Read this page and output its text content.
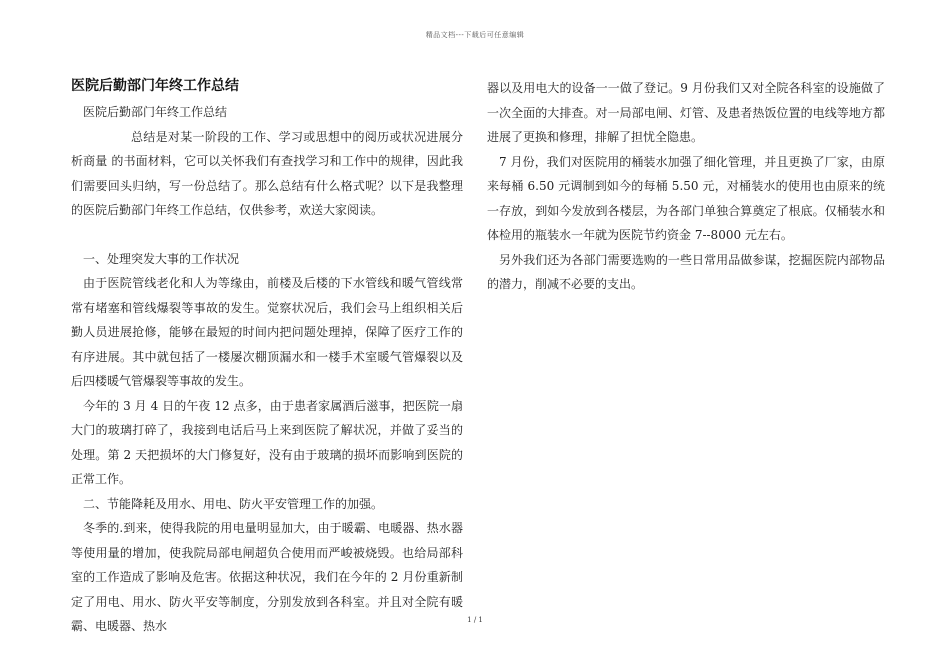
精品文档---下载后可任意编辑
医院后勤部门年终工作总结

医院后勤部门年终工作总结

总结是对某一阶段的工作、学习或思想中的阅历或状况进展分析商量 的书面材料，它可以关怀我们有查找学习和工作中的规律，因此我们需要回头归纳，写一份总结了。那么总结有什么格式呢？以下是我整理的医院后勤部门年终工作总结，仅供参考，欢送大家阅读。

一、处理突发大事的工作状况

由于医院管线老化和人为等缘由，前楼及后楼的下水管线和暖气管线常常有堵塞和管线爆裂等事故的发生。觉察状况后，我们会马上组织相关后勤人员进展抢修，能够在最短的时间内把问题处理掉，保障了医疗工作的有序进展。其中就包括了一楼屡次棚顶漏水和一楼手术室暖气管爆裂以及后四楼暖气管爆裂等事故的发生。

今年的 3 月 4 日的午夜 12 点多，由于患者家属酒后滋事，把医院一扇大门的玻璃打碎了，我接到电话后马上来到医院了解状况，并做了妥当的处理。第 2 天把损坏的大门修复好，没有由于玻璃的损坏而影响到医院的正常工作。

二、节能降耗及用水、用电、防火平安管理工作的加强。

冬季的.到来，使得我院的用电量明显加大，由于暖霸、电暖器、热水器等使用量的增加，使我院局部电闸超负合使用而严峻被烧毁。也给局部科室的工作造成了影响及危害。依据这种状况，我们在今年的 2 月份重新制定了用电、用水、防火平安等制度，分别发放到各科室。并且对全院有暖霸、电暖器、热水

器以及用电大的设备一一做了登记。9 月份我们又对全院各科室的设施做了一次全面的大排查。对一局部电闸、灯管、及患者热饭位置的电线等地方都进展了更换和修理，排解了担忧全隐患。

7 月份，我们对医院用的桶装水加强了细化管理，并且更换了厂家，由原来每桶 6.50 元调制到如今的每桶 5.50 元，对桶装水的使用也由原来的统一存放，到如今发放到各楼层，为各部门单独合算奠定了根底。仅桶装水和体检用的瓶装水一年就为医院节约资金 7--8000 元左右。

另外我们还为各部门需要选购的一些日常用品做参谋，挖掘医院内部物品的潜力，削减不必要的支出。

1 / 1
